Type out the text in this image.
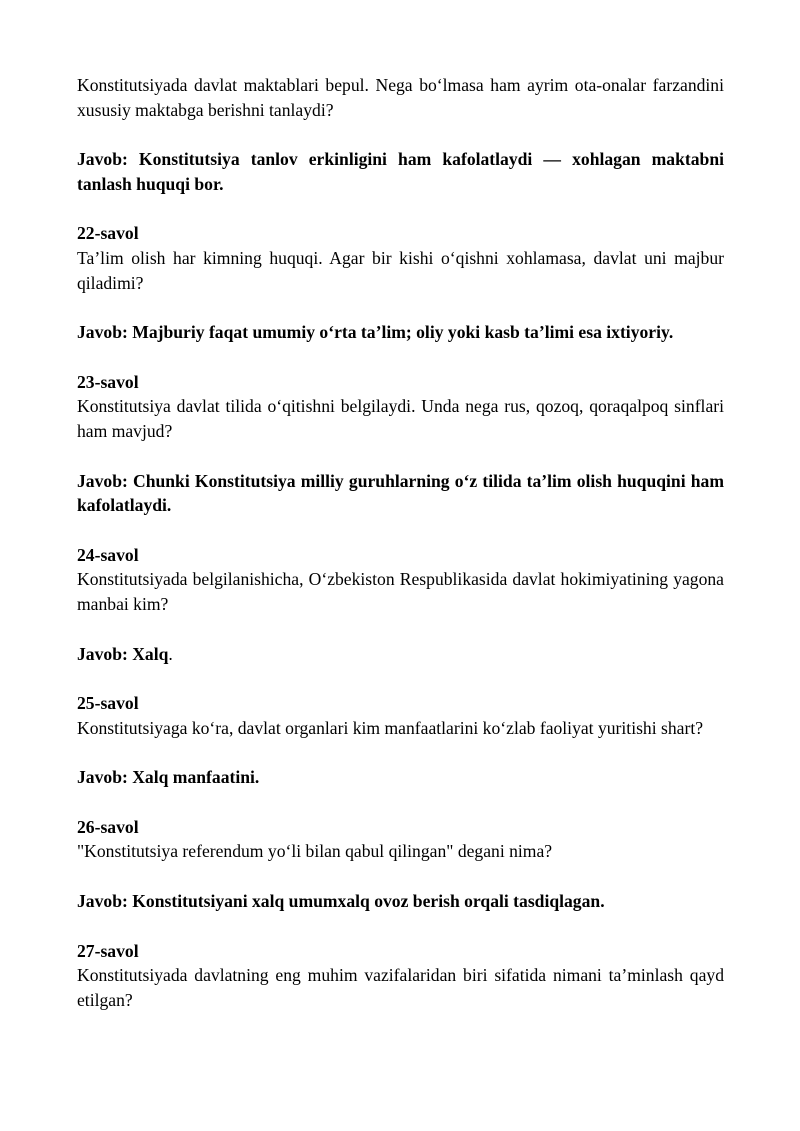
Konstitutsiyada davlat maktablari bepul. Nega bo‘lmasa ham ayrim ota-onalar farzandini xususiy maktabga berishni tanlaydi?

Javob: Konstitutsiya tanlov erkinligini ham kafolatlaydi — xohlagan maktabni tanlash huquqi bor.

22-savol

Ta’lim olish har kimning huquqi. Agar bir kishi o‘qishni xohlamasa, davlat uni majbur qiladimi?

Javob: Majburiy faqat umumiy o‘rta ta’lim; oliy yoki kasb ta’limi esa ixtiyoriy.

23-savol

Konstitutsiya davlat tilida o‘qitishni belgilaydi. Unda nega rus, qozoq, qoraqalpoq sinflari ham mavjud?

Javob: Chunki Konstitutsiya milliy guruhlarning o‘z tilida ta’lim olish huquqini ham kafolatlaydi.

24-savol

Konstitutsiyada belgilanishicha, O‘zbekiston Respublikasida davlat hokimiyatining yagona manbai kim?

Javob: Xalq.

25-savol

Konstitutsiyaga ko‘ra, davlat organlari kim manfaatlarini ko‘zlab faoliyat yuritishi shart?

Javob: Xalq manfaatini.

26-savol

"Konstitutsiya referendum yo‘li bilan qabul qilingan" degani nima?

Javob: Konstitutsiyani xalq umumxalq ovoz berish orqali tasdiqlagan.

27-savol

Konstitutsiyada davlatning eng muhim vazifalaridan biri sifatida nimani ta’minlash qayd etilgan?
